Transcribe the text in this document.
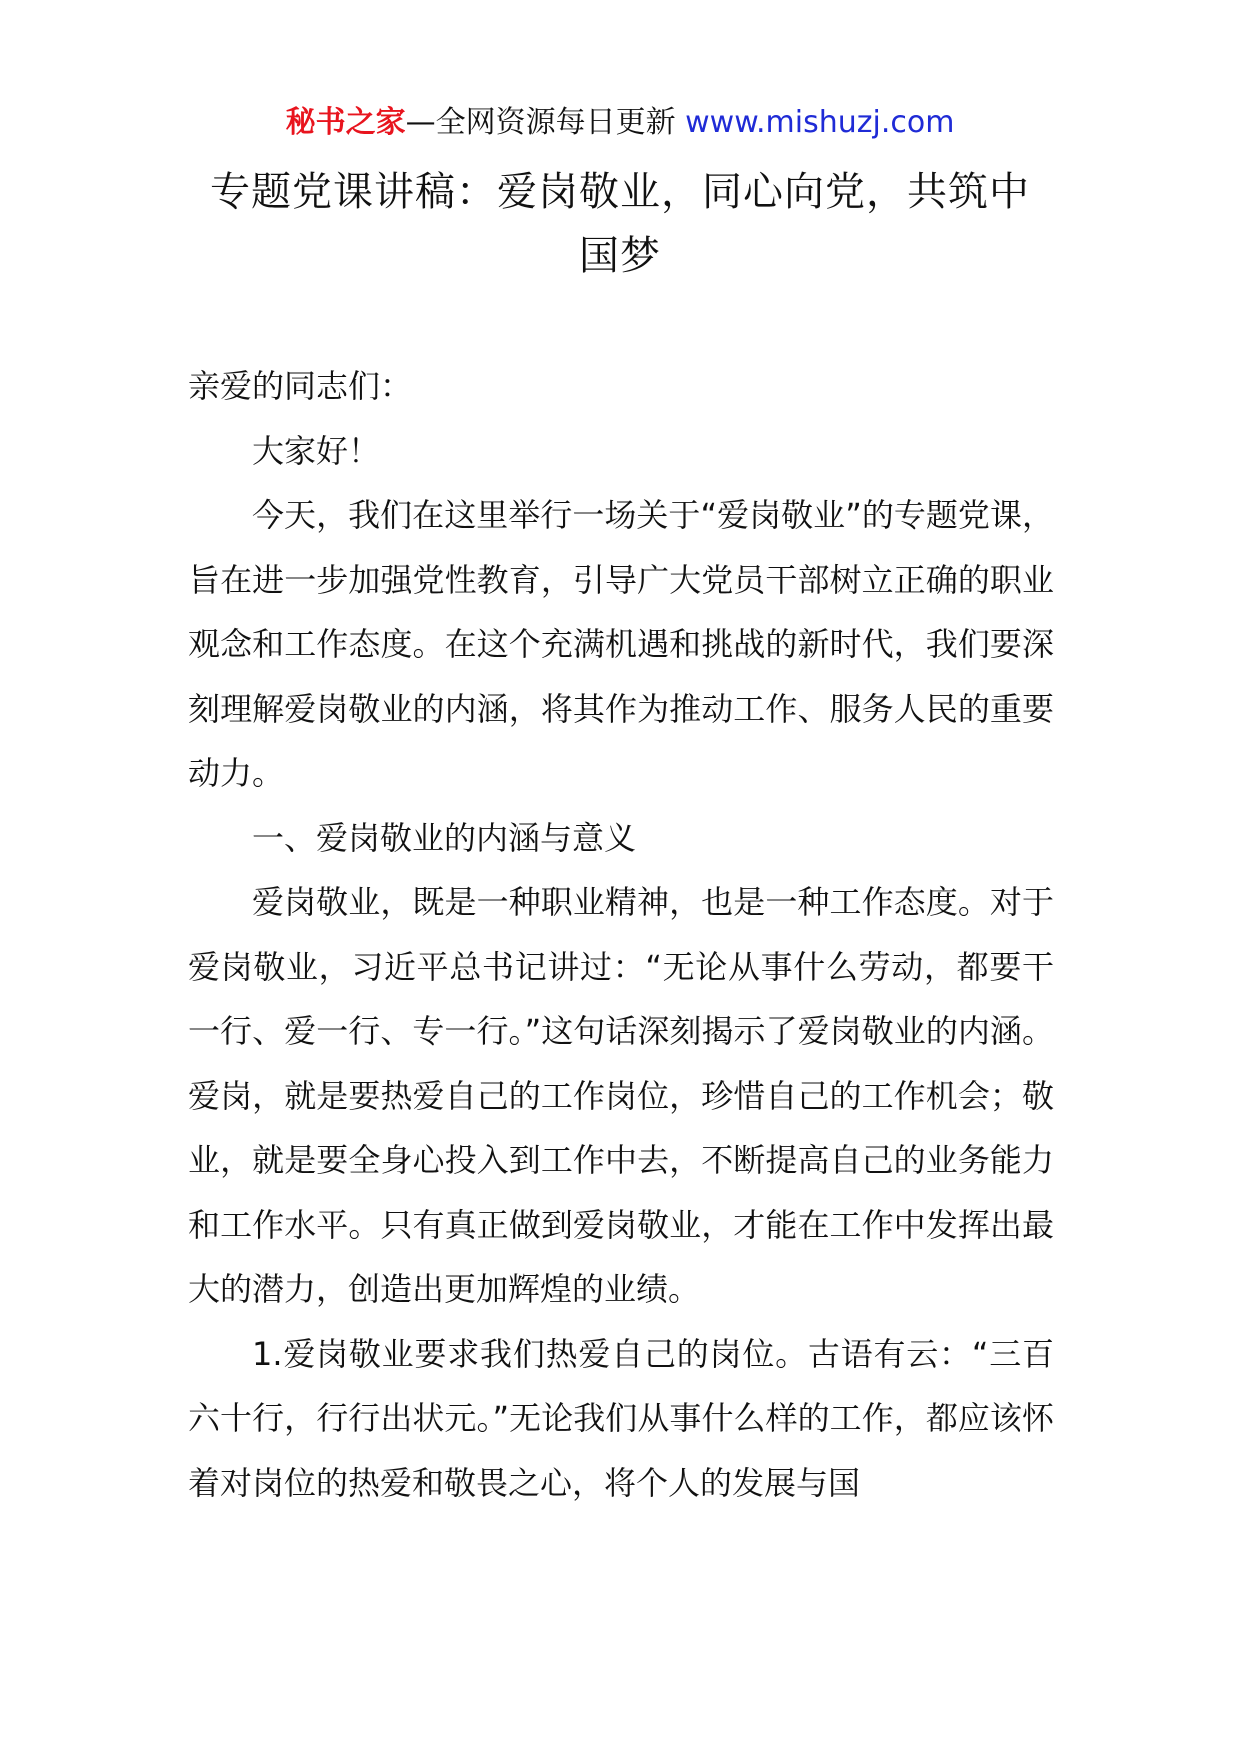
秘书之家—全网资源每日更新 www.mishuzj.com
专题党课讲稿：爱岗敬业，同心向党，共筑中国梦

亲爱的同志们：

大家好！

今天，我们在这里举行一场关于“爱岗敬业”的专题党课，旨在进一步加强党性教育，引导广大党员干部树立正确的职业观念和工作态度。在这个充满机遇和挑战的新时代，我们要深刻理解爱岗敬业的内涵，将其作为推动工作、服务人民的重要动力。

一、爱岗敬业的内涵与意义

爱岗敬业，既是一种职业精神，也是一种工作态度。对于爱岗敬业，习近平总书记讲过：“无论从事什么劳动，都要干一行、爱一行、专一行。”这句话深刻揭示了爱岗敬业的内涵。爱岗，就是要热爱自己的工作岗位，珍惜自己的工作机会；敬业，就是要全身心投入到工作中去，不断提高自己的业务能力和工作水平。只有真正做到爱岗敬业，才能在工作中发挥出最大的潜力，创造出更加辉煌的业绩。

1.爱岗敬业要求我们热爱自己的岗位。古语有云：“三百六十行，行行出状元。”无论我们从事什么样的工作，都应该怀着对岗位的热爱和敬畏之心，将个人的发展与国
